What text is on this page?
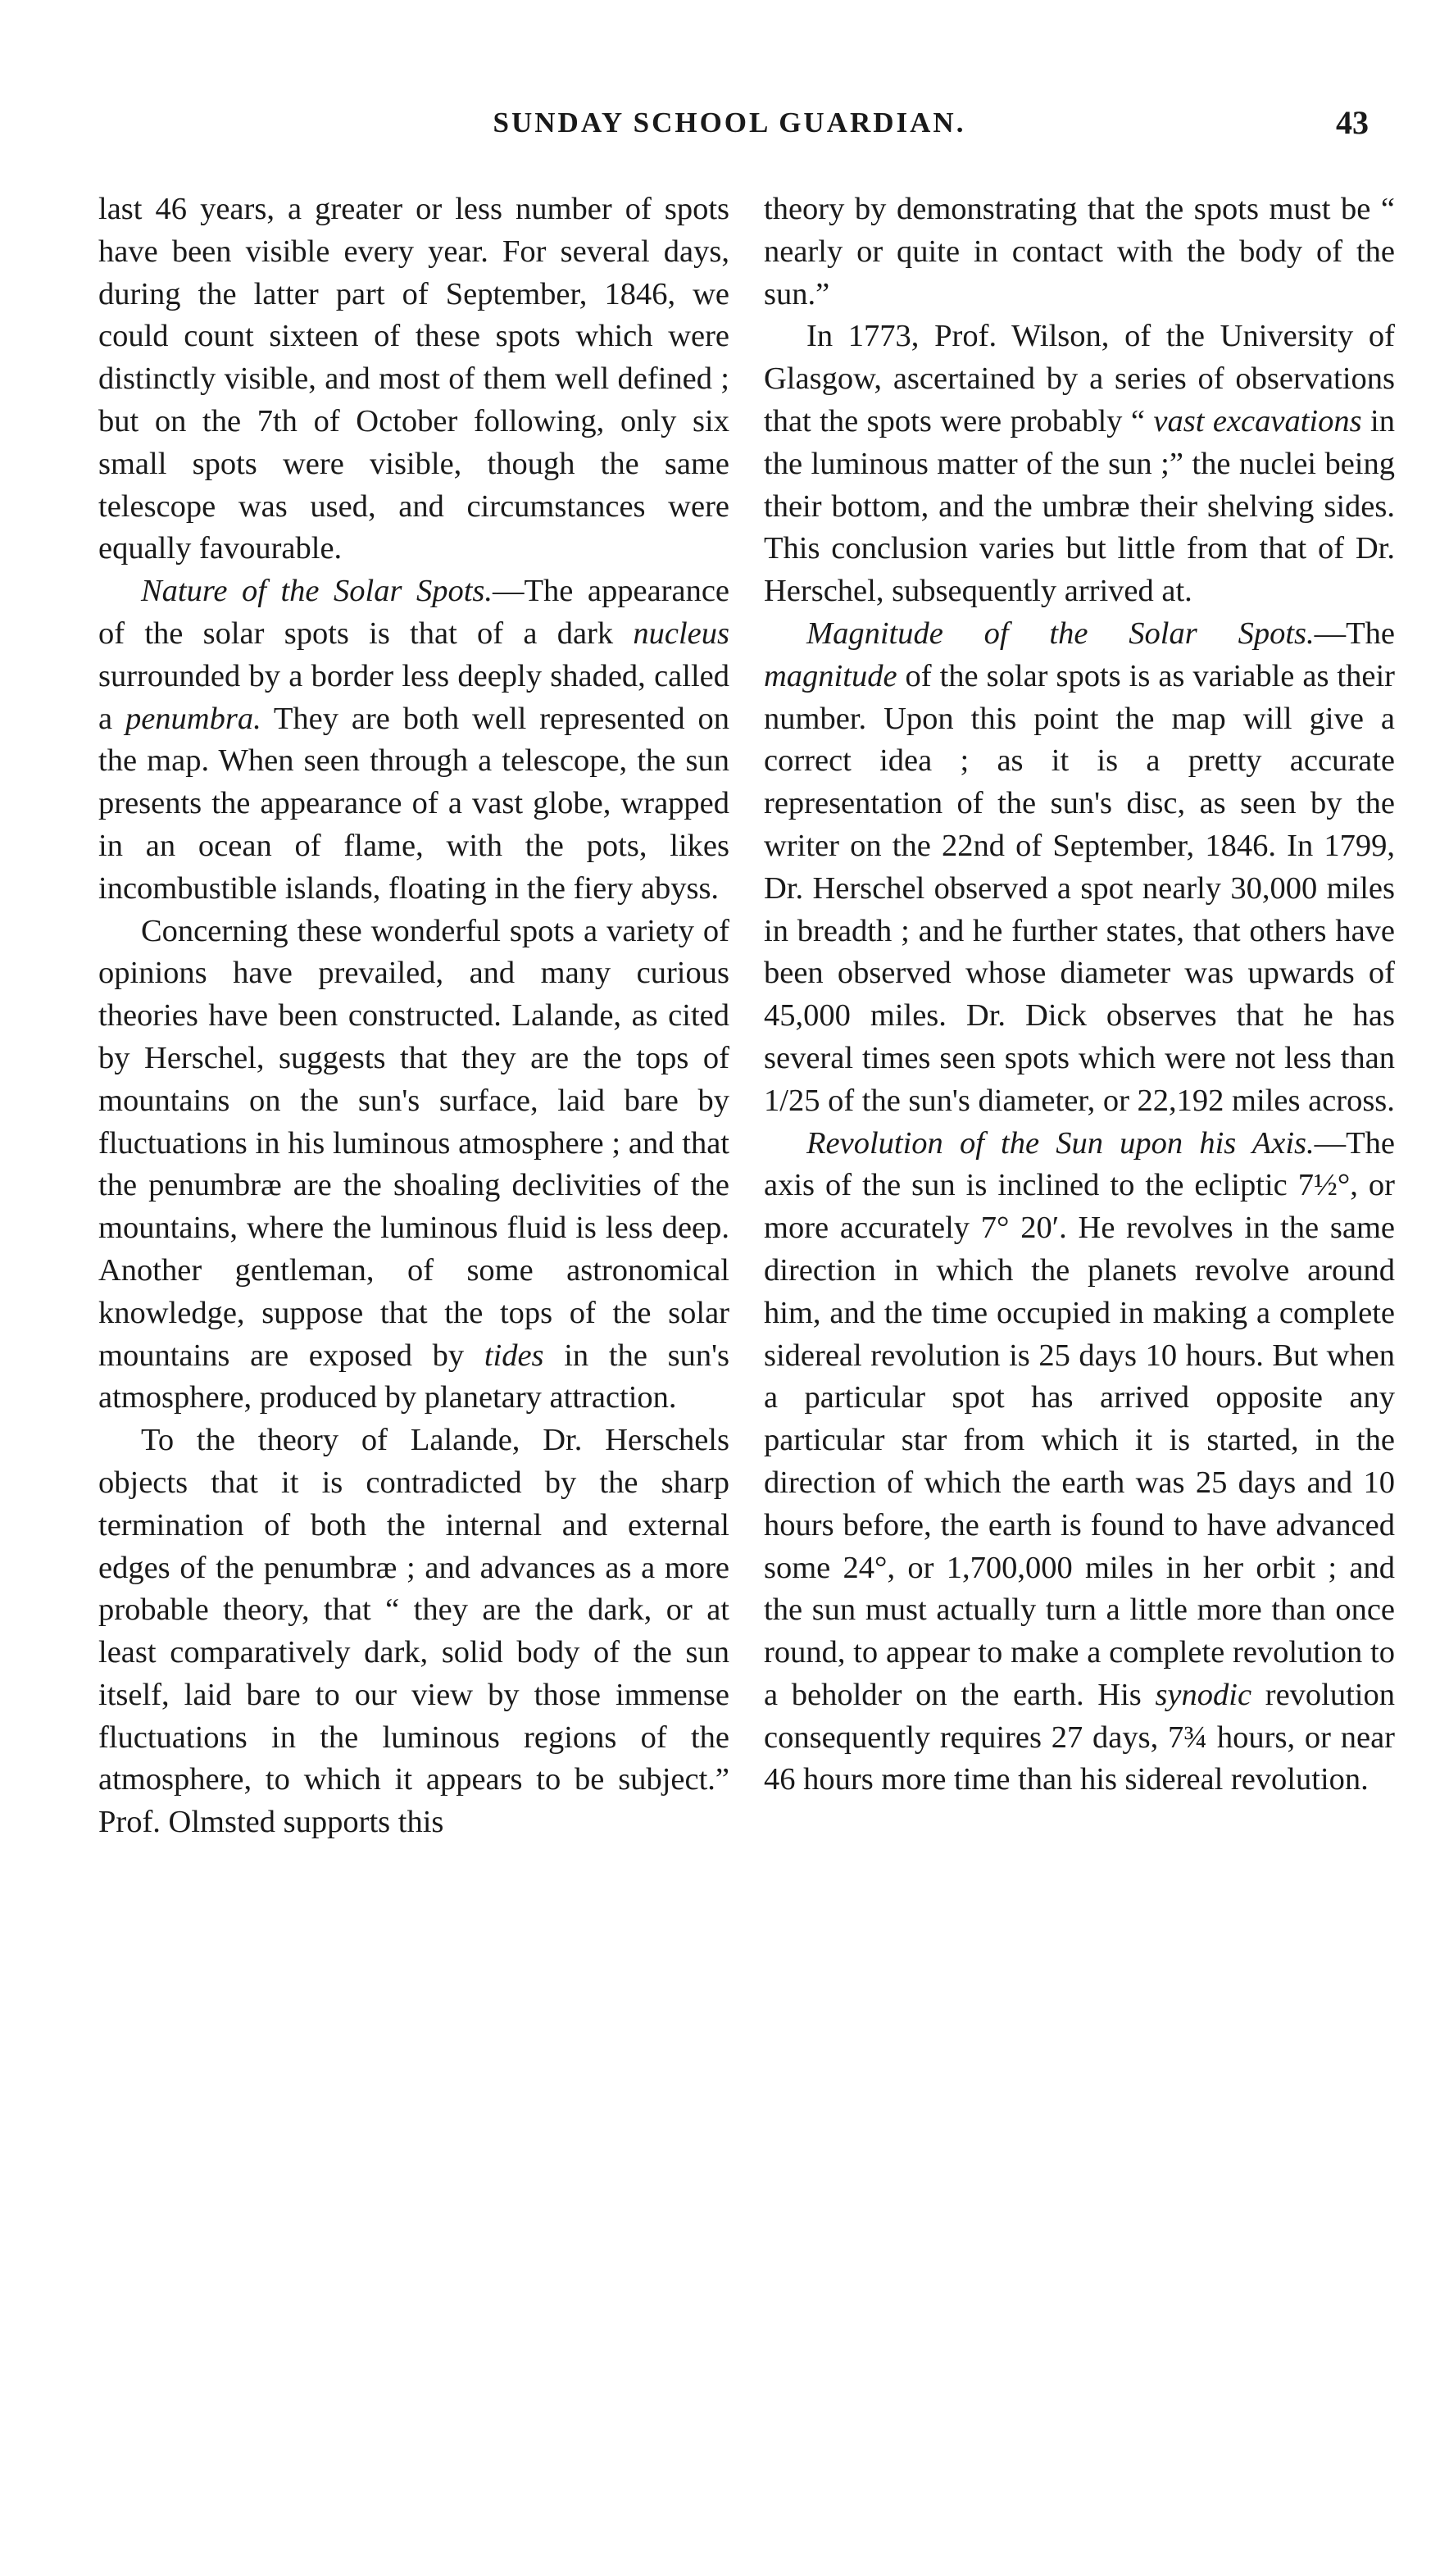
SUNDAY SCHOOL GUARDIAN.	43

last 46 years, a greater or less number of spots have been visible every year. For several days, during the latter part of September, 1846, we could count sixteen of these spots which were distinctly visible, and most of them well defined ; but on the 7th of October following, only six small spots were visible, though the same telescope was used, and circumstances were equally favourable.

Nature of the Solar Spots.—The appearance of the solar spots is that of a dark nucleus surrounded by a border less deeply shaded, called a penumbra. They are both well represented on the map. When seen through a telescope, the sun presents the appearance of a vast globe, wrapped in an ocean of flame, with the pots, likes incombustible islands, floating in the fiery abyss.

Concerning these wonderful spots a variety of opinions have prevailed, and many curious theories have been constructed. Lalande, as cited by Herschel, suggests that they are the tops of mountains on the sun's surface, laid bare by fluctuations in his luminous atmosphere ; and that the penumbræ are the shoaling declivities of the mountains, where the luminous fluid is less deep. Another gentleman, of some astronomical knowledge, suppose that the tops of the solar mountains are exposed by tides in the sun's atmosphere, produced by planetary attraction.

To the theory of Lalande, Dr. Herschels objects that it is contradicted by the sharp termination of both the internal and external edges of the penumbræ ; and advances as a more probable theory, that “ they are the dark, or at least comparatively dark, solid body of the sun itself, laid bare to our view by those immense fluctuations in the luminous regions of the atmosphere, to which it appears to be subject.” Prof. Olmsted supports this

theory by demonstrating that the spots must be “ nearly or quite in contact with the body of the sun.”

In 1773, Prof. Wilson, of the University of Glasgow, ascertained by a series of observations that the spots were probably “ vast excavations in the luminous matter of the sun ;” the nuclei being their bottom, and the umbræ their shelving sides. This conclusion varies but little from that of Dr. Herschel, subsequently arrived at.

Magnitude of the Solar Spots.—The magnitude of the solar spots is as variable as their number. Upon this point the map will give a correct idea ; as it is a pretty accurate representation of the sun's disc, as seen by the writer on the 22nd of September, 1846. In 1799, Dr. Herschel observed a spot nearly 30,000 miles in breadth ; and he further states, that others have been observed whose diameter was upwards of 45,000 miles. Dr. Dick observes that he has several times seen spots which were not less than 1/25 of the sun's diameter, or 22,192 miles across.

Revolution of the Sun upon his Axis.—The axis of the sun is inclined to the ecliptic 7½°, or more accurately 7° 20′. He revolves in the same direction in which the planets revolve around him, and the time occupied in making a complete sidereal revolution is 25 days 10 hours. But when a particular spot has arrived opposite any particular star from which it is started, in the direction of which the earth was 25 days and 10 hours before, the earth is found to have advanced some 24°, or 1,700,000 miles in her orbit ; and the sun must actually turn a little more than once round, to appear to make a complete revolution to a beholder on the earth. His synodic revolution consequently requires 27 days, 7¾ hours, or near 46 hours more time than his sidereal revolution.
